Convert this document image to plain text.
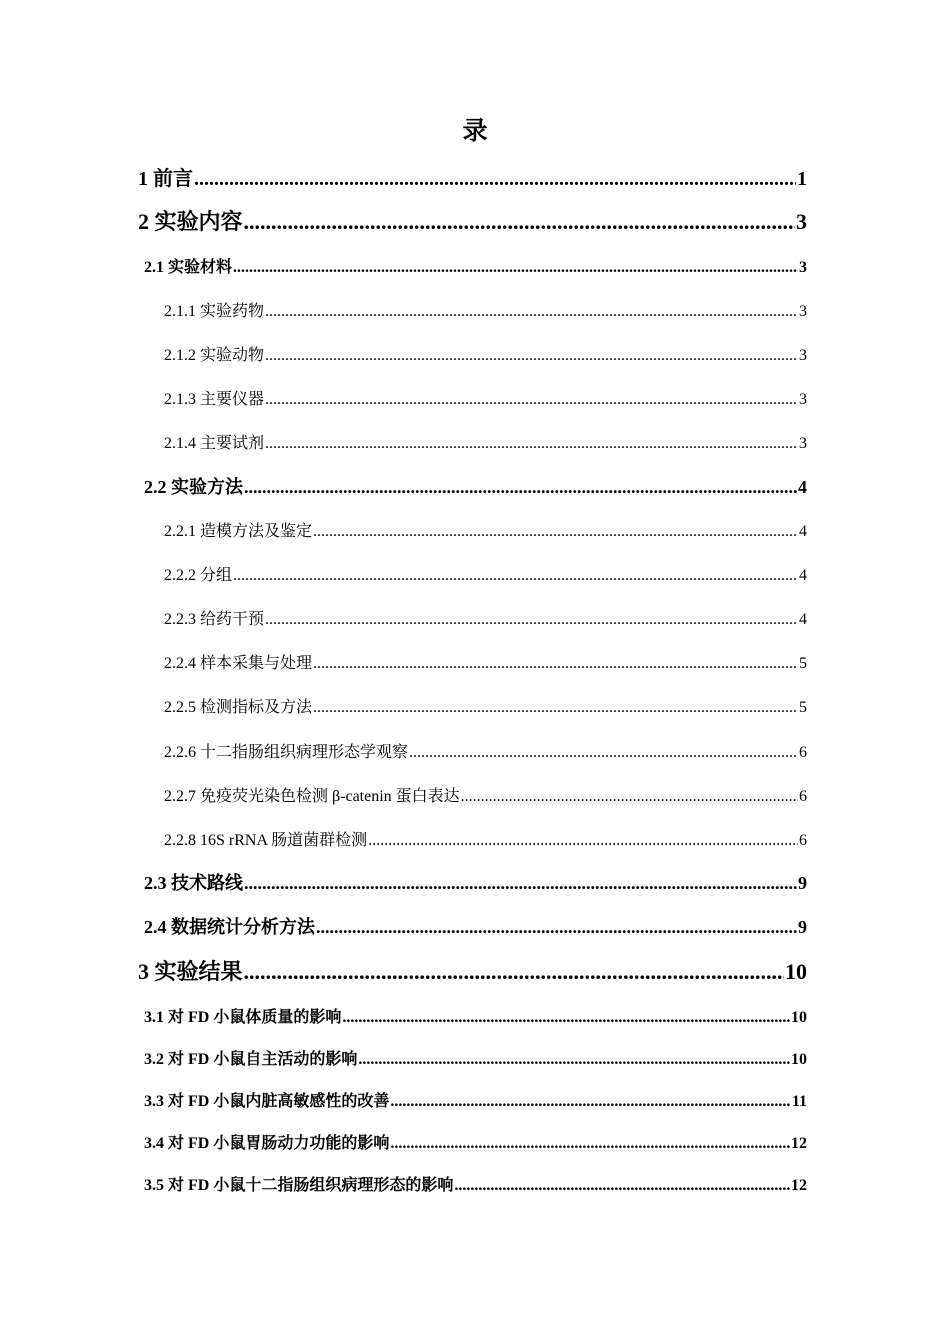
录
1 前言 .....	1
2 实验内容 .....	3
2.1 实验材料 .....	3
2.1.1 实验药物 .....	3
2.1.2 实验动物 .....	3
2.1.3 主要仪器 .....	3
2.1.4 主要试剂 .....	3
2.2 实验方法 .....	4
2.2.1 造模方法及鉴定 .....	4
2.2.2 分组 .....	4
2.2.3 给药干预 .....	4
2.2.4 样本采集与处理 .....	5
2.2.5 检测指标及方法 .....	5
2.2.6 十二指肠组织病理形态学观察 .....	6
2.2.7 免疫荧光染色检测 β-catenin 蛋白表达 .....	6
2.2.8 16S rRNA 肠道菌群检测 .....	6
2.3 技术路线 .....	9
2.4 数据统计分析方法 .....	9
3 实验结果 .....	10
3.1 对 FD 小鼠体质量的影响 .....	10
3.2 对 FD 小鼠自主活动的影响 .....	10
3.3 对 FD 小鼠内脏高敏感性的改善 .....	11
3.4 对 FD 小鼠胃肠动力功能的影响 .....	12
3.5 对 FD 小鼠十二指肠组织病理形态的影响 .....	12
